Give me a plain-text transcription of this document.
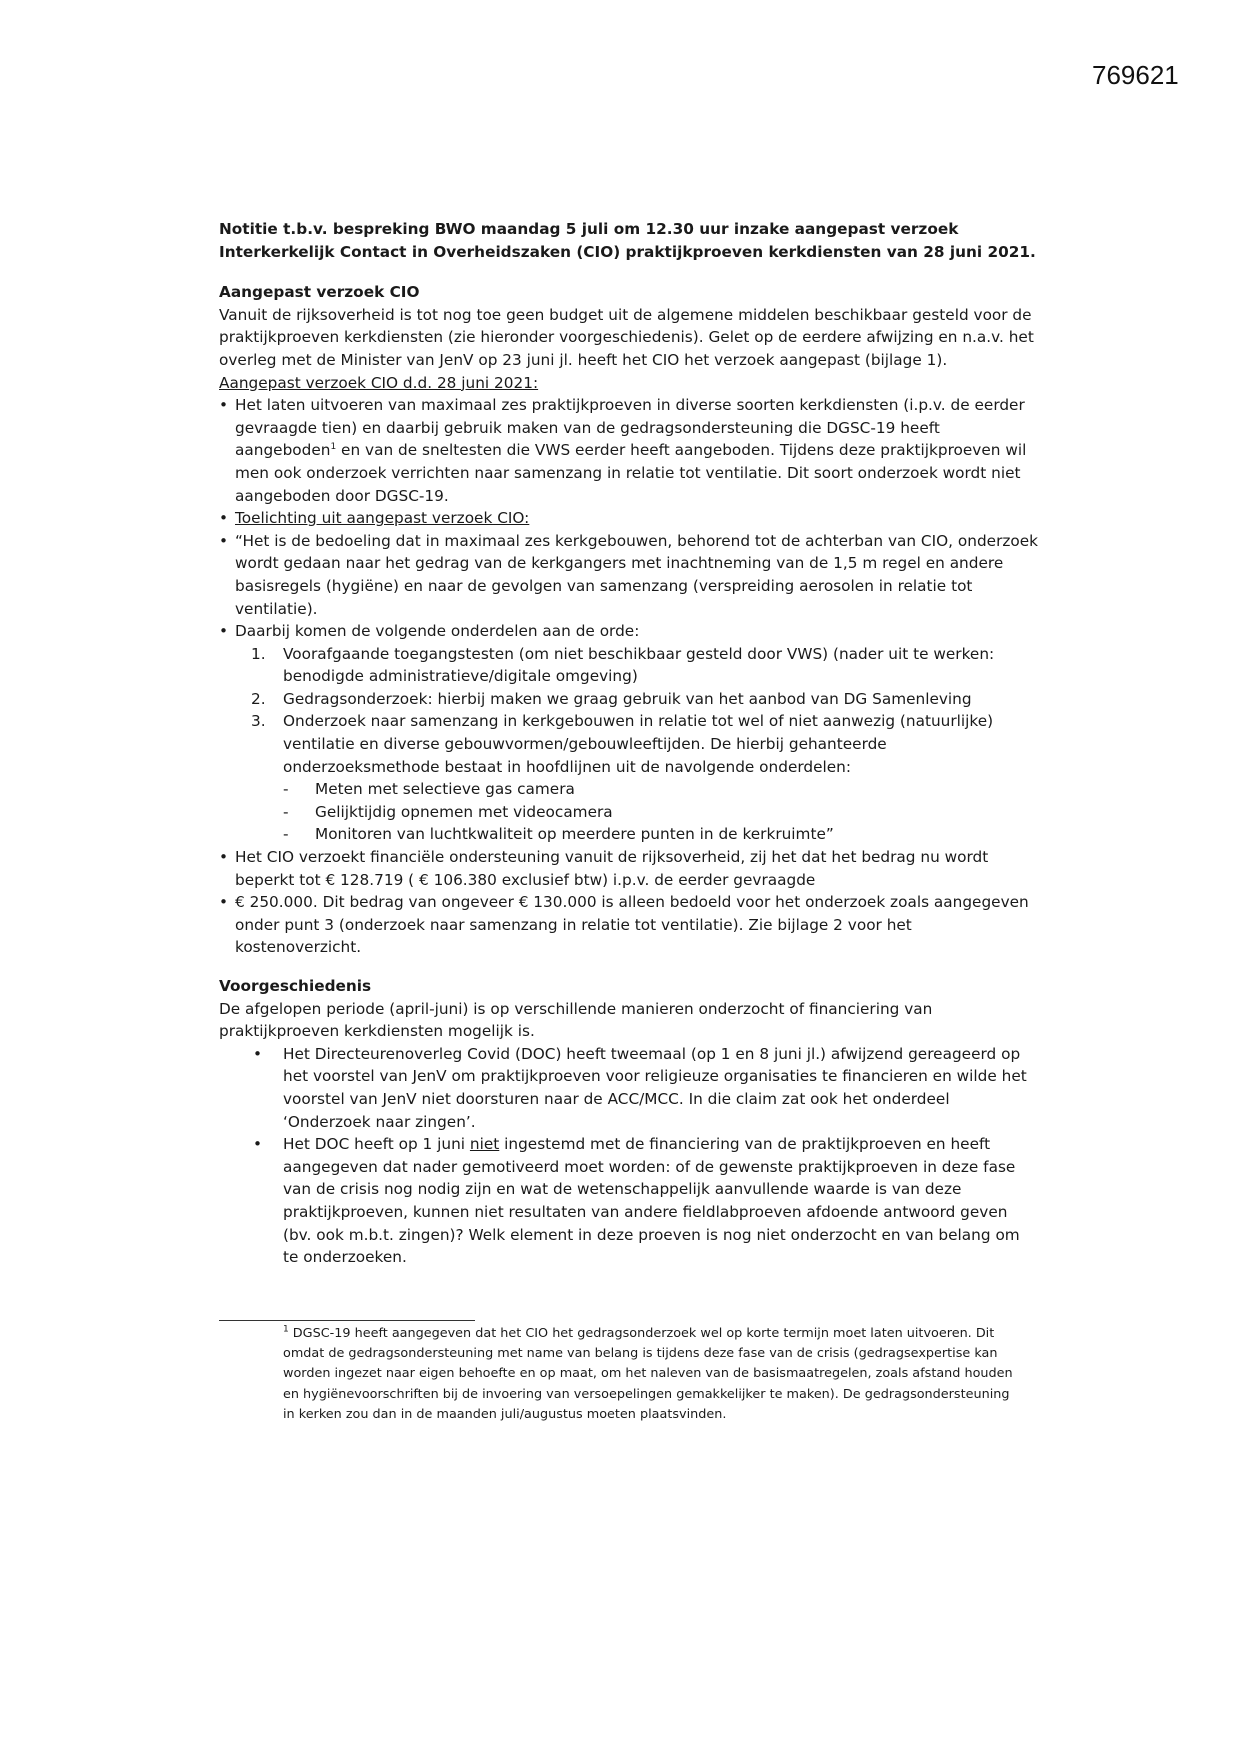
769621

Notitie t.b.v. bespreking BWO maandag 5 juli om 12.30 uur inzake aangepast verzoek Interkerkelijk Contact in Overheidszaken (CIO) praktijkproeven kerkdiensten van 28 juni 2021.

Aangepast verzoek CIO

Vanuit de rijksoverheid is tot nog toe geen budget uit de algemene middelen beschikbaar gesteld voor de praktijkproeven kerkdiensten (zie hieronder voorgeschiedenis). Gelet op de eerdere afwijzing en n.a.v. het overleg met de Minister van JenV op 23 juni jl. heeft het CIO het verzoek aangepast (bijlage 1).

Aangepast verzoek CIO d.d. 28 juni 2021:

• Het laten uitvoeren van maximaal zes praktijkproeven in diverse soorten kerkdiensten (i.p.v. de eerder gevraagde tien) en daarbij gebruik maken van de gedragsondersteuning die DGSC-19 heeft aangeboden$^1$ en van de sneltesten die VWS eerder heeft aangeboden. Tijdens deze praktijkproeven wil men ook onderzoek verrichten naar samenzang in relatie tot ventilatie. Dit soort onderzoek wordt niet aangeboden door DGSC-19.
• Toelichting uit aangepast verzoek CIO:
• “Het is de bedoeling dat in maximaal zes kerkgebouwen, behorend tot de achterban van CIO, onderzoek wordt gedaan naar het gedrag van de kerkgangers met inachtneming van de 1,5 m regel en andere basisregels (hygiëne) en naar de gevolgen van samenzang (verspreiding aerosolen in relatie tot ventilatie).
• Daarbij komen de volgende onderdelen aan de orde:
1. Voorafgaande toegangstesten (om niet beschikbaar gesteld door VWS) (nader uit te werken: benodigde administratieve/digitale omgeving)
2. Gedragsonderzoek: hierbij maken we graag gebruik van het aanbod van DG Samenleving
3. Onderzoek naar samenzang in kerkgebouwen in relatie tot wel of niet aanwezig (natuurlijke) ventilatie en diverse gebouwvormen/gebouwleeftijden. De hierbij gehanteerde onderzoeksmethode bestaat in hoofdlijnen uit de navolgende onderdelen:
- Meten met selectieve gas camera
- Gelijktijdig opnemen met videocamera
- Monitoren van luchtkwaliteit op meerdere punten in de kerkruimte”
• Het CIO verzoekt financiële ondersteuning vanuit de rijksoverheid, zij het dat het bedrag nu wordt beperkt tot € 128.719 ( € 106.380 exclusief btw) i.p.v. de eerder gevraagde
• € 250.000. Dit bedrag van ongeveer € 130.000 is alleen bedoeld voor het onderzoek zoals aangegeven onder punt 3 (onderzoek naar samenzang in relatie tot ventilatie). Zie bijlage 2 voor het kostenoverzicht.

Voorgeschiedenis

De afgelopen periode (april-juni) is op verschillende manieren onderzocht of financiering van praktijkproeven kerkdiensten mogelijk is.

• Het Directeurenoverleg Covid (DOC) heeft tweemaal (op 1 en 8 juni jl.) afwijzend gereageerd op het voorstel van JenV om praktijkproeven voor religieuze organisaties te financieren en wilde het voorstel van JenV niet doorsturen naar de ACC/MCC. In die claim zat ook het onderdeel ‘Onderzoek naar zingen’.
• Het DOC heeft op 1 juni niet ingestemd met de financiering van de praktijkproeven en heeft aangegeven dat nader gemotiveerd moet worden: of de gewenste praktijkproeven in deze fase van de crisis nog nodig zijn en wat de wetenschappelijk aanvullende waarde is van deze praktijkproeven, kunnen niet resultaten van andere fieldlabproeven afdoende antwoord geven (bv. ook m.b.t. zingen)? Welk element in deze proeven is nog niet onderzocht en van belang om te onderzoeken.
$^1$ DGSC-19 heeft aangegeven dat het CIO het gedragsonderzoek wel op korte termijn moet laten uitvoeren. Dit omdat de gedragsondersteuning met name van belang is tijdens deze fase van de crisis (gedragsexpertise kan worden ingezet naar eigen behoefte en op maat, om het naleven van de basismaatregelen, zoals afstand houden en hygiënevoorschriften bij de invoering van versoepelingen gemakkelijker te maken). De gedragsondersteuning in kerken zou dan in de maanden juli/augustus moeten plaatsvinden.
